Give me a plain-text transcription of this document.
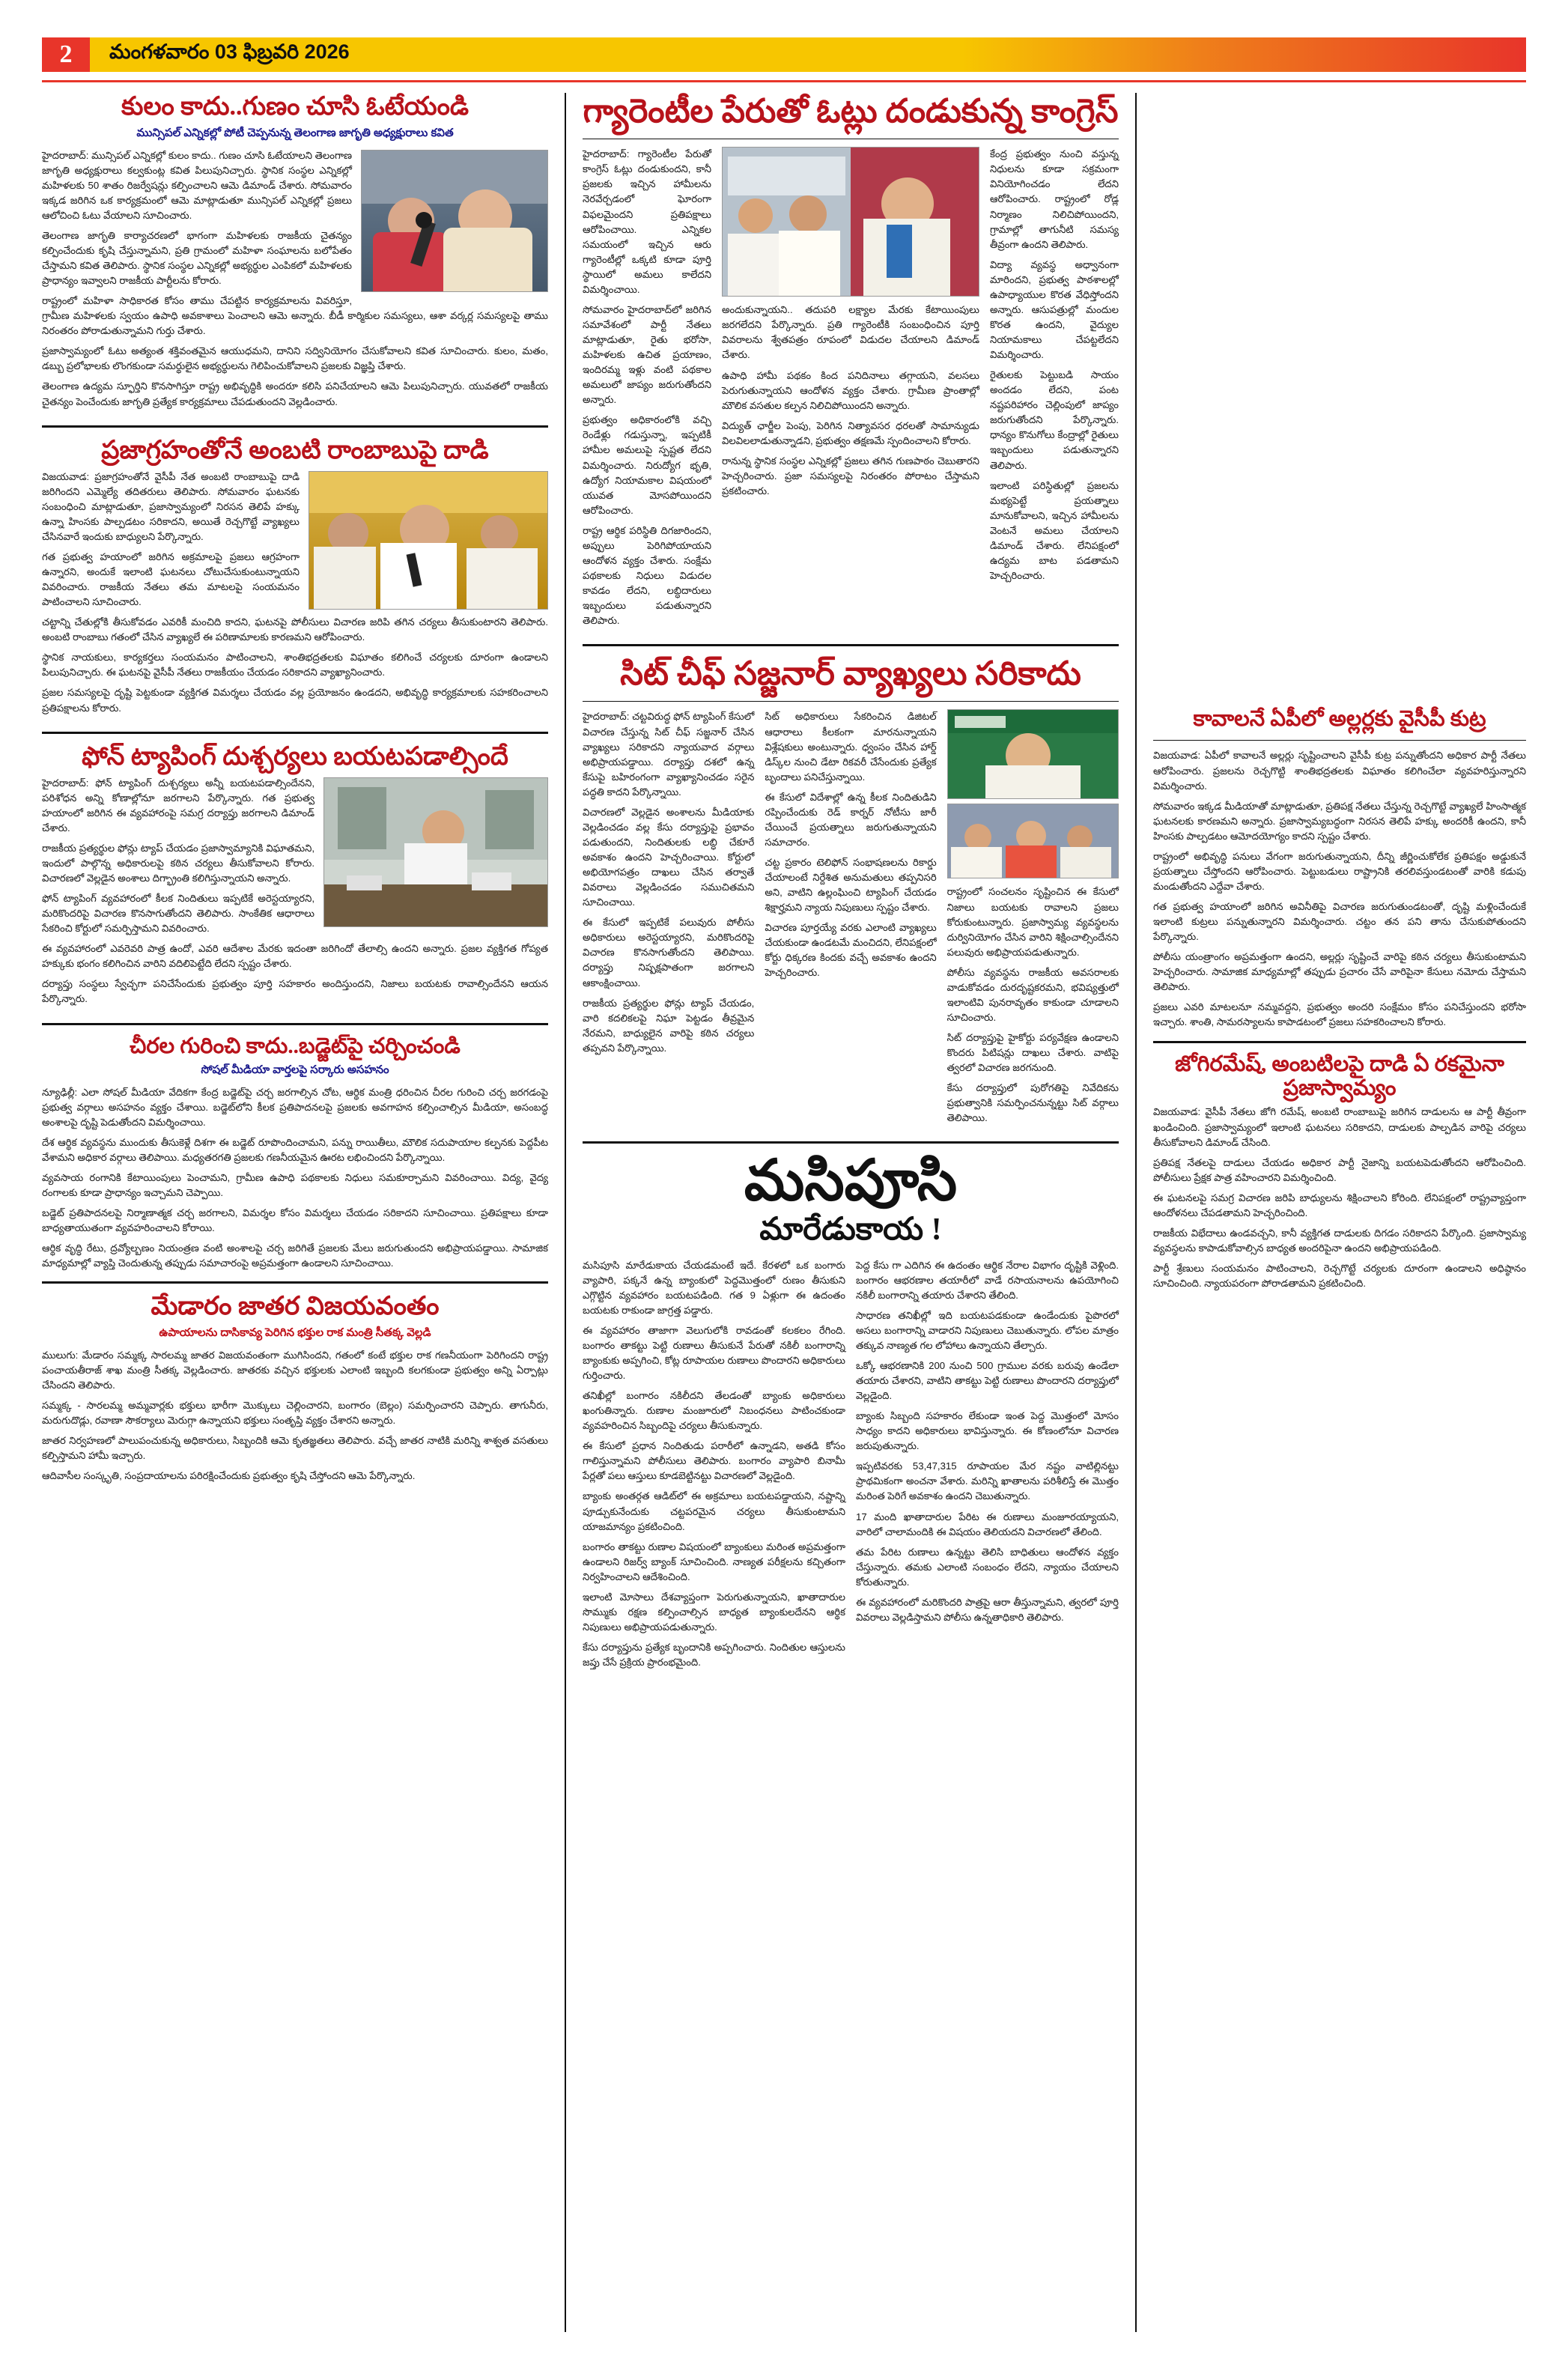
2	మంగళవారం 03 ఫిబ్రవరి 2026
కులం కాదు..గుణం చూసి ఓటేయండి

మున్సిపల్ ఎన్నికల్లో పోటీ చెప్పనున్న తెలంగాణ జాగృతి అధ్యక్షురాలు కవిత

హైదరాబాద్: మున్సిపల్ ఎన్నికల్లో కులం కాదు.. గుణం చూసి ఓటేయాలని తెలంగాణ జాగృతి అధ్యక్షురాలు కల్వకుంట్ల కవిత పిలుపునిచ్చారు. స్థానిక సంస్థల ఎన్నికల్లో మహిళలకు 50 శాతం రిజర్వేషన్లు కల్పించాలని ఆమె డిమాండ్ చేశారు. సోమవారం ఇక్కడ జరిగిన ఒక కార్యక్రమంలో ఆమె మాట్లాడుతూ మున్సిపల్ ఎన్నికల్లో ప్రజలు ఆలోచించి ఓటు వేయాలని సూచించారు.

తెలంగాణ జాగృతి కార్యాచరణలో భాగంగా మహిళలకు రాజకీయ చైతన్యం కల్పించేందుకు కృషి చేస్తున్నామని, ప్రతి గ్రామంలో మహిళా సంఘాలను బలోపేతం చేస్తామని కవిత తెలిపారు. స్థానిక సంస్థల ఎన్నికల్లో అభ్యర్థుల ఎంపికలో మహిళలకు ప్రాధాన్యం ఇవ్వాలని రాజకీయ పార్టీలను కోరారు.

రాష్ట్రంలో మహిళా సాధికారత కోసం తాము చేపట్టిన కార్యక్రమాలను వివరిస్తూ, గ్రామీణ మహిళలకు స్వయం ఉపాధి అవకాశాలు పెంచాలని ఆమె అన్నారు. బీడీ కార్మికుల సమస్యలు, ఆశా వర్కర్ల సమస్యలపై తాము నిరంతరం పోరాడుతున్నామని గుర్తు చేశారు.

ప్రజాస్వామ్యంలో ఓటు అత్యంత శక్తివంతమైన ఆయుధమని, దానిని సద్వినియోగం చేసుకోవాలని కవిత సూచించారు. కులం, మతం, డబ్బు ప్రలోభాలకు లొంగకుండా సమర్థులైన అభ్యర్థులను గెలిపించుకోవాలని ప్రజలకు విజ్ఞప్తి చేశారు.

తెలంగాణ ఉద్యమ స్ఫూర్తిని కొనసాగిస్తూ రాష్ట్ర అభివృద్ధికి అందరూ కలిసి పనిచేయాలని ఆమె పిలుపునిచ్చారు. యువతలో రాజకీయ చైతన్యం పెంచేందుకు జాగృతి ప్రత్యేక కార్యక్రమాలు చేపడుతుందని వెల్లడించారు.

ప్రజాగ్రహంతోనే అంబటి రాంబాబుపై దాడి

విజయవాడ: ప్రజాగ్రహంతోనే వైసీపీ నేత అంబటి రాంబాబుపై దాడి జరిగిందని ఎమ్మెల్యే తదితరులు తెలిపారు. సోమవారం ఘటనకు సంబంధించి మాట్లాడుతూ, ప్రజాస్వామ్యంలో నిరసన తెలిపే హక్కు ఉన్నా హింసకు పాల్పడటం సరికాదని, అయితే రెచ్చగొట్టే వ్యాఖ్యలు చేసినవారే ఇందుకు బాధ్యులని పేర్కొన్నారు.

గత ప్రభుత్వ హయాంలో జరిగిన అక్రమాలపై ప్రజలు ఆగ్రహంగా ఉన్నారని, అందుకే ఇలాంటి ఘటనలు చోటుచేసుకుంటున్నాయని వివరించారు. రాజకీయ నేతలు తమ మాటలపై సంయమనం పాటించాలని సూచించారు.

చట్టాన్ని చేతుల్లోకి తీసుకోవడం ఎవరికీ మంచిది కాదని, ఘటనపై పోలీసులు విచారణ జరిపి తగిన చర్యలు తీసుకుంటారని తెలిపారు. అంబటి రాంబాబు గతంలో చేసిన వ్యాఖ్యలే ఈ పరిణామాలకు కారణమని ఆరోపించారు.

స్థానిక నాయకులు, కార్యకర్తలు సంయమనం పాటించాలని, శాంతిభద్రతలకు విఘాతం కలిగించే చర్యలకు దూరంగా ఉండాలని పిలుపునిచ్చారు. ఈ ఘటనపై వైసీపీ నేతలు రాజకీయం చేయడం సరికాదని వ్యాఖ్యానించారు.

ప్రజల సమస్యలపై దృష్టి పెట్టకుండా వ్యక్తిగత విమర్శలు చేయడం వల్ల ప్రయోజనం ఉండదని, అభివృద్ధి కార్యక్రమాలకు సహకరించాలని ప్రతిపక్షాలను కోరారు.

ఫోన్ ట్యాపింగ్ దుశ్చర్యలు బయటపడాల్సిందే

హైదరాబాద్: ఫోన్ ట్యాపింగ్ దుశ్చర్యలు అన్నీ బయటపడాల్సిందేనని, పరిశోధన అన్ని కోణాల్లోనూ జరగాలని పేర్కొన్నారు. గత ప్రభుత్వ హయాంలో జరిగిన ఈ వ్యవహారంపై సమగ్ర దర్యాప్తు జరగాలని డిమాండ్ చేశారు.

రాజకీయ ప్రత్యర్థుల ఫోన్లు ట్యాప్ చేయడం ప్రజాస్వామ్యానికి విఘాతమని, ఇందులో పాల్గొన్న అధికారులపై కఠిన చర్యలు తీసుకోవాలని కోరారు. విచారణలో వెల్లడైన అంశాలు దిగ్భ్రాంతి కలిగిస్తున్నాయని అన్నారు.

ఫోన్ ట్యాపింగ్ వ్యవహారంలో కీలక నిందితులు ఇప్పటికే అరెస్టయ్యారని, మరికొందరిపై విచారణ కొనసాగుతోందని తెలిపారు. సాంకేతిక ఆధారాలు సేకరించి కోర్టులో సమర్పిస్తామని వివరించారు.

ఈ వ్యవహారంలో ఎవరెవరి పాత్ర ఉందో, ఎవరి ఆదేశాల మేరకు ఇదంతా జరిగిందో తేలాల్సి ఉందని అన్నారు. ప్రజల వ్యక్తిగత గోప్యత హక్కుకు భంగం కలిగించిన వారిని వదిలిపెట్టేది లేదని స్పష్టం చేశారు.

దర్యాప్తు సంస్థలు స్వేచ్ఛగా పనిచేసేందుకు ప్రభుత్వం పూర్తి సహకారం అందిస్తుందని, నిజాలు బయటకు రావాల్సిందేనని ఆయన పేర్కొన్నారు.

చీరల గురించి కాదు..బడ్జెట్‌పై చర్చించండి

సోషల్ మీడియా వార్తలపై సర్కారు అసహనం

న్యూఢిల్లీ: ఎలా సోషల్ మీడియా వేదికగా కేంద్ర బడ్జెట్‌పై చర్చ జరగాల్సిన చోట, ఆర్థిక మంత్రి ధరించిన చీరల గురించి చర్చ జరగడంపై ప్రభుత్వ వర్గాలు అసహనం వ్యక్తం చేశాయి. బడ్జెట్‌లోని కీలక ప్రతిపాదనలపై ప్రజలకు అవగాహన కల్పించాల్సిన మీడియా, అసంబద్ధ అంశాలపై దృష్టి పెడుతోందని విమర్శించాయి.

దేశ ఆర్థిక వ్యవస్థను ముందుకు తీసుకెళ్లే దిశగా ఈ బడ్జెట్ రూపొందించామని, పన్ను రాయితీలు, మౌలిక సదుపాయాల కల్పనకు పెద్దపీట వేశామని అధికార వర్గాలు తెలిపాయి. మధ్యతరగతి ప్రజలకు గణనీయమైన ఊరట లభించిందని పేర్కొన్నాయి.

వ్యవసాయ రంగానికి కేటాయింపులు పెంచామని, గ్రామీణ ఉపాధి పథకాలకు నిధులు సమకూర్చామని వివరించాయి. విద్య, వైద్య రంగాలకు కూడా ప్రాధాన్యం ఇచ్చామని చెప్పాయి.

బడ్జెట్ ప్రతిపాదనలపై నిర్మాణాత్మక చర్చ జరగాలని, విమర్శల కోసం విమర్శలు చేయడం సరికాదని సూచించాయి. ప్రతిపక్షాలు కూడా బాధ్యతాయుతంగా వ్యవహరించాలని కోరాయి.

ఆర్థిక వృద్ధి రేటు, ద్రవ్యోల్బణం నియంత్రణ వంటి అంశాలపై చర్చ జరిగితే ప్రజలకు మేలు జరుగుతుందని అభిప్రాయపడ్డాయి. సామాజిక మాధ్యమాల్లో వ్యాప్తి చెందుతున్న తప్పుడు సమాచారంపై అప్రమత్తంగా ఉండాలని సూచించాయి.

మేడారం జాతర విజయవంతం

ఉపాయాలను దాసికావ్య పెరిగిన భక్తుల రాక మంత్రి సీతక్క వెల్లడి

ములుగు: మేడారం సమ్మక్క సారలమ్మ జాతర విజయవంతంగా ముగిసిందని, గతంలో కంటే భక్తుల రాక గణనీయంగా పెరిగిందని రాష్ట్ర పంచాయతీరాజ్ శాఖ మంత్రి సీతక్క వెల్లడించారు. జాతరకు వచ్చిన భక్తులకు ఎలాంటి ఇబ్బంది కలగకుండా ప్రభుత్వం అన్ని ఏర్పాట్లు చేసిందని తెలిపారు.

సమ్మక్క - సారలమ్మ అమ్మవార్లకు భక్తులు భారీగా మొక్కులు చెల్లించారని, బంగారం (బెల్లం) సమర్పించారని చెప్పారు. తాగునీరు, మరుగుదొడ్లు, రవాణా సౌకర్యాలు మెరుగ్గా ఉన్నాయని భక్తులు సంతృప్తి వ్యక్తం చేశారని అన్నారు.

జాతర నిర్వహణలో పాలుపంచుకున్న అధికారులు, సిబ్బందికి ఆమె కృతజ్ఞతలు తెలిపారు. వచ్చే జాతర నాటికి మరిన్ని శాశ్వత వసతులు కల్పిస్తామని హామీ ఇచ్చారు.

ఆదివాసీల సంస్కృతి, సంప్రదాయాలను పరిరక్షించేందుకు ప్రభుత్వం కృషి చేస్తోందని ఆమె పేర్కొన్నారు.

గ్యారెంటీల పేరుతో ఓట్లు దండుకున్న కాంగ్రెస్

హైదరాబాద్: గ్యారెంటీల పేరుతో కాంగ్రెస్ ఓట్లు దండుకుందని, కానీ ప్రజలకు ఇచ్చిన హామీలను నెరవేర్చడంలో ఘోరంగా విఫలమైందని ప్రతిపక్షాలు ఆరోపించాయి. ఎన్నికల సమయంలో ఇచ్చిన ఆరు గ్యారెంటీల్లో ఒక్కటి కూడా పూర్తి స్థాయిలో అమలు కాలేదని విమర్శించాయి.

సోమవారం హైదరాబాద్‌లో జరిగిన సమావేశంలో పార్టీ నేతలు మాట్లాడుతూ, రైతు భరోసా, మహిళలకు ఉచిత ప్రయాణం, ఇందిరమ్మ ఇళ్లు వంటి పథకాల అమలులో జాప్యం జరుగుతోందని అన్నారు.

ప్రభుత్వం అధికారంలోకి వచ్చి రెండేళ్లు గడుస్తున్నా, ఇప్పటికీ హామీల అమలుపై స్పష్టత లేదని విమర్శించారు. నిరుద్యోగ భృతి, ఉద్యోగ నియామకాల విషయంలో యువత మోసపోయిందని ఆరోపించారు.

రాష్ట్ర ఆర్థిక పరిస్థితి దిగజారిందని, అప్పులు పెరిగిపోయాయని ఆందోళన వ్యక్తం చేశారు. సంక్షేమ పథకాలకు నిధులు విడుదల కావడం లేదని, లబ్ధిదారులు ఇబ్బందులు పడుతున్నారని తెలిపారు.

అందుకున్నాయని.. తదుపరి లక్ష్యాల మేరకు కేటాయింపులు జరగలేదని పేర్కొన్నారు. ప్రతి గ్యారెంటీకి సంబంధించిన పూర్తి వివరాలను శ్వేతపత్రం రూపంలో విడుదల చేయాలని డిమాండ్ చేశారు.

ఉపాధి హామీ పథకం కింద పనిదినాలు తగ్గాయని, వలసలు పెరుగుతున్నాయని ఆందోళన వ్యక్తం చేశారు. గ్రామీణ ప్రాంతాల్లో మౌలిక వసతుల కల్పన నిలిచిపోయిందని అన్నారు.

విద్యుత్ ఛార్జీల పెంపు, పెరిగిన నిత్యావసర ధరలతో సామాన్యుడు విలవిలలాడుతున్నాడని, ప్రభుత్వం తక్షణమే స్పందించాలని కోరారు.

రానున్న స్థానిక సంస్థల ఎన్నికల్లో ప్రజలు తగిన గుణపాఠం చెబుతారని హెచ్చరించారు. ప్రజా సమస్యలపై నిరంతరం పోరాటం చేస్తామని ప్రకటించారు.

కేంద్ర ప్రభుత్వం నుంచి వస్తున్న నిధులను కూడా సక్రమంగా వినియోగించడం లేదని ఆరోపించారు. రాష్ట్రంలో రోడ్ల నిర్మాణం నిలిచిపోయిందని, గ్రామాల్లో తాగునీటి సమస్య తీవ్రంగా ఉందని తెలిపారు.

విద్యా వ్యవస్థ అధ్వానంగా మారిందని, ప్రభుత్వ పాఠశాలల్లో ఉపాధ్యాయుల కొరత వేధిస్తోందని అన్నారు. ఆసుపత్రుల్లో మందుల కొరత ఉందని, వైద్యుల నియామకాలు చేపట్టలేదని విమర్శించారు.

రైతులకు పెట్టుబడి సాయం అందడం లేదని, పంట నష్టపరిహారం చెల్లింపులో జాప్యం జరుగుతోందని పేర్కొన్నారు. ధాన్యం కొనుగోలు కేంద్రాల్లో రైతులు ఇబ్బందులు పడుతున్నారని తెలిపారు.

ఇలాంటి పరిస్థితుల్లో ప్రజలను మభ్యపెట్టే ప్రయత్నాలు మానుకోవాలని, ఇచ్చిన హామీలను వెంటనే అమలు చేయాలని డిమాండ్ చేశారు. లేనిపక్షంలో ఉద్యమ బాట పడతామని హెచ్చరించారు.

సిట్ చీఫ్ సజ్జనార్ వ్యాఖ్యలు సరికాదు

హైదరాబాద్: చట్టవిరుద్ధ ఫోన్ ట్యాపింగ్ కేసులో విచారణ చేస్తున్న సిట్ చీఫ్ సజ్జనార్ చేసిన వ్యాఖ్యలు సరికాదని న్యాయవాద వర్గాలు అభిప్రాయపడ్డాయి. దర్యాప్తు దశలో ఉన్న కేసుపై బహిరంగంగా వ్యాఖ్యానించడం సరైన పద్ధతి కాదని పేర్కొన్నాయి.

విచారణలో వెల్లడైన అంశాలను మీడియాకు వెల్లడించడం వల్ల కేసు దర్యాప్తుపై ప్రభావం పడుతుందని, నిందితులకు లబ్ధి చేకూరే అవకాశం ఉందని హెచ్చరించాయి. కోర్టులో అభియోగపత్రం దాఖలు చేసిన తర్వాతే వివరాలు వెల్లడించడం సముచితమని సూచించాయి.

ఈ కేసులో ఇప్పటికే పలువురు పోలీసు అధికారులు అరెస్టయ్యారని, మరికొందరిపై విచారణ కొనసాగుతోందని తెలిపాయి. దర్యాప్తు నిష్పక్షపాతంగా జరగాలని ఆకాంక్షించాయి.

రాజకీయ ప్రత్యర్థుల ఫోన్లు ట్యాప్ చేయడం, వారి కదలికలపై నిఘా పెట్టడం తీవ్రమైన నేరమని, బాధ్యులైన వారిపై కఠిన చర్యలు తప్పవని పేర్కొన్నాయి.

సిట్ అధికారులు సేకరించిన డిజిటల్ ఆధారాలు కీలకంగా మారనున్నాయని విశ్లేషకులు అంటున్నారు. ధ్వంసం చేసిన హార్డ్ డిస్క్‌ల నుంచి డేటా రికవరీ చేసేందుకు ప్రత్యేక బృందాలు పనిచేస్తున్నాయి.

ఈ కేసులో విదేశాల్లో ఉన్న కీలక నిందితుడిని రప్పించేందుకు రెడ్ కార్నర్ నోటీసు జారీ చేయించే ప్రయత్నాలు జరుగుతున్నాయని సమాచారం.

చట్ట ప్రకారం టెలిఫోన్ సంభాషణలను రికార్డు చేయాలంటే నిర్దేశిత అనుమతులు తప్పనిసరి అని, వాటిని ఉల్లంఘించి ట్యాపింగ్ చేయడం శిక్షార్హమని న్యాయ నిపుణులు స్పష్టం చేశారు.

విచారణ పూర్తయ్యే వరకు ఎలాంటి వ్యాఖ్యలు చేయకుండా ఉండటమే మంచిదని, లేనిపక్షంలో కోర్టు ధిక్కరణ కిందకు వచ్చే అవకాశం ఉందని హెచ్చరించారు.

రాష్ట్రంలో సంచలనం సృష్టించిన ఈ కేసులో నిజాలు బయటకు రావాలని ప్రజలు కోరుకుంటున్నారు. ప్రజాస్వామ్య వ్యవస్థలను దుర్వినియోగం చేసిన వారిని శిక్షించాల్సిందేనని పలువురు అభిప్రాయపడుతున్నారు.

పోలీసు వ్యవస్థను రాజకీయ అవసరాలకు వాడుకోవడం దురదృష్టకరమని, భవిష్యత్తులో ఇలాంటివి పునరావృతం కాకుండా చూడాలని సూచించారు.

సిట్ దర్యాప్తుపై హైకోర్టు పర్యవేక్షణ ఉండాలని కొందరు పిటిషన్లు దాఖలు చేశారు. వాటిపై త్వరలో విచారణ జరగనుంది.

కేసు దర్యాప్తులో పురోగతిపై నివేదికను ప్రభుత్వానికి సమర్పించనున్నట్టు సిట్ వర్గాలు తెలిపాయి.

మసిపూసి
మారేడుకాయ !

మసిపూసి మారేడుకాయ చేయడమంటే ఇదే. కేరళలో ఒక బంగారు వ్యాపారి, పక్కనే ఉన్న బ్యాంకులో పెద్దమొత్తంలో రుణం తీసుకుని ఎగ్గొట్టిన వ్యవహారం బయటపడింది. గత 9 ఏళ్లుగా ఈ ఉదంతం బయటకు రాకుండా జాగ్రత్త పడ్డారు.

ఈ వ్యవహారం తాజాగా వెలుగులోకి రావడంతో కలకలం రేగింది. బంగారం తాకట్టు పెట్టి రుణాలు తీసుకునే పేరుతో నకిలీ బంగారాన్ని బ్యాంకుకు అప్పగించి, కోట్ల రూపాయల రుణాలు పొందారని అధికారులు గుర్తించారు.

తనిఖీల్లో బంగారం నకిలీదని తేలడంతో బ్యాంకు అధికారులు ఖంగుతిన్నారు. రుణాల మంజూరులో నిబంధనలు పాటించకుండా వ్యవహరించిన సిబ్బందిపై చర్యలు తీసుకున్నారు.

ఈ కేసులో ప్రధాన నిందితుడు పరారీలో ఉన్నాడని, అతడి కోసం గాలిస్తున్నామని పోలీసులు తెలిపారు. బంగారం వ్యాపారి బినామీ పేర్లతో పలు ఆస్తులు కూడబెట్టినట్టు విచారణలో వెల్లడైంది.

బ్యాంకు అంతర్గత ఆడిట్‌లో ఈ అక్రమాలు బయటపడ్డాయని, నష్టాన్ని పూడ్చుకునేందుకు చట్టపరమైన చర్యలు తీసుకుంటామని యాజమాన్యం ప్రకటించింది.

బంగారం తాకట్టు రుణాల విషయంలో బ్యాంకులు మరింత అప్రమత్తంగా ఉండాలని రిజర్వ్ బ్యాంక్ సూచించింది. నాణ్యత పరీక్షలను కచ్చితంగా నిర్వహించాలని ఆదేశించింది.

ఇలాంటి మోసాలు దేశవ్యాప్తంగా పెరుగుతున్నాయని, ఖాతాదారుల సొమ్ముకు రక్షణ కల్పించాల్సిన బాధ్యత బ్యాంకులదేనని ఆర్థిక నిపుణులు అభిప్రాయపడుతున్నారు.

కేసు దర్యాప్తును ప్రత్యేక బృందానికి అప్పగించారు. నిందితుల ఆస్తులను జప్తు చేసే ప్రక్రియ ప్రారంభమైంది.

పెద్ద కేసు గా ఎదిగిన ఈ ఉదంతం ఆర్థిక నేరాల విభాగం దృష్టికి వెళ్లింది. బంగారం ఆభరణాల తయారీలో వాడే రసాయనాలను ఉపయోగించి నకిలీ బంగారాన్ని తయారు చేశారని తేలింది.

సాధారణ తనిఖీల్లో ఇది బయటపడకుండా ఉండేందుకు పైపొరలో అసలు బంగారాన్ని వాడారని నిపుణులు చెబుతున్నారు. లోపల మాత్రం తక్కువ నాణ్యత గల లోహాలు ఉన్నాయని తేల్చారు.

ఒక్కో ఆభరణానికి 200 నుంచి 500 గ్రాముల వరకు బరువు ఉండేలా తయారు చేశారని, వాటిని తాకట్టు పెట్టి రుణాలు పొందారని దర్యాప్తులో వెల్లడైంది.

బ్యాంకు సిబ్బంది సహకారం లేకుండా ఇంత పెద్ద మొత్తంలో మోసం సాధ్యం కాదని అధికారులు భావిస్తున్నారు. ఈ కోణంలోనూ విచారణ జరుపుతున్నారు.

ఇప్పటివరకు 53,47,315 రూపాయల మేర నష్టం వాటిల్లినట్టు ప్రాథమికంగా అంచనా వేశారు. మరిన్ని ఖాతాలను పరిశీలిస్తే ఈ మొత్తం మరింత పెరిగే అవకాశం ఉందని చెబుతున్నారు.

17 మంది ఖాతాదారుల పేరిట ఈ రుణాలు మంజూరయ్యాయని, వారిలో చాలామందికి ఈ విషయం తెలియదని విచారణలో తేలింది.

తమ పేరిట రుణాలు ఉన్నట్టు తెలిసి బాధితులు ఆందోళన వ్యక్తం చేస్తున్నారు. తమకు ఎలాంటి సంబంధం లేదని, న్యాయం చేయాలని కోరుతున్నారు.

ఈ వ్యవహారంలో మరికొందరి పాత్రపై ఆరా తీస్తున్నామని, త్వరలో పూర్తి వివరాలు వెల్లడిస్తామని పోలీసు ఉన్నతాధికారి తెలిపారు.

కావాలనే ఏపీలో అల్లర్లకు వైసీపీ కుట్ర

విజయవాడ: ఏపీలో కావాలనే అల్లర్లు సృష్టించాలని వైసీపీ కుట్ర పన్నుతోందని అధికార పార్టీ నేతలు ఆరోపించారు. ప్రజలను రెచ్చగొట్టి శాంతిభద్రతలకు విఘాతం కలిగించేలా వ్యవహరిస్తున్నారని విమర్శించారు.

సోమవారం ఇక్కడ మీడియాతో మాట్లాడుతూ, ప్రతిపక్ష నేతలు చేస్తున్న రెచ్చగొట్టే వ్యాఖ్యలే హింసాత్మక ఘటనలకు కారణమని అన్నారు. ప్రజాస్వామ్యబద్ధంగా నిరసన తెలిపే హక్కు అందరికీ ఉందని, కానీ హింసకు పాల్పడటం ఆమోదయోగ్యం కాదని స్పష్టం చేశారు.

రాష్ట్రంలో అభివృద్ధి పనులు వేగంగా జరుగుతున్నాయని, దీన్ని జీర్ణించుకోలేక ప్రతిపక్షం అడ్డుకునే ప్రయత్నాలు చేస్తోందని ఆరోపించారు. పెట్టుబడులు రాష్ట్రానికి తరలివస్తుండటంతో వారికి కడుపు మండుతోందని ఎద్దేవా చేశారు.

గత ప్రభుత్వ హయాంలో జరిగిన అవినీతిపై విచారణ జరుగుతుండటంతో, దృష్టి మళ్లించేందుకే ఇలాంటి కుట్రలు పన్నుతున్నారని విమర్శించారు. చట్టం తన పని తాను చేసుకుపోతుందని పేర్కొన్నారు.

పోలీసు యంత్రాంగం అప్రమత్తంగా ఉందని, అల్లర్లు సృష్టించే వారిపై కఠిన చర్యలు తీసుకుంటామని హెచ్చరించారు. సామాజిక మాధ్యమాల్లో తప్పుడు ప్రచారం చేసే వారిపైనా కేసులు నమోదు చేస్తామని తెలిపారు.

ప్రజలు ఎవరి మాటలనూ నమ్మవద్దని, ప్రభుత్వం అందరి సంక్షేమం కోసం పనిచేస్తుందని భరోసా ఇచ్చారు. శాంతి, సామరస్యాలను కాపాడటంలో ప్రజలు సహకరించాలని కోరారు.

జోగిరమేష్, అంబటిలపై దాడి ఏ రకమైనా ప్రజాస్వామ్యం

విజయవాడ: వైసీపీ నేతలు జోగి రమేష్, అంబటి రాంబాబుపై జరిగిన దాడులను ఆ పార్టీ తీవ్రంగా ఖండించింది. ప్రజాస్వామ్యంలో ఇలాంటి ఘటనలు సరికాదని, దాడులకు పాల్పడిన వారిపై చర్యలు తీసుకోవాలని డిమాండ్ చేసింది.

ప్రతిపక్ష నేతలపై దాడులు చేయడం అధికార పార్టీ నైజాన్ని బయటపెడుతోందని ఆరోపించింది. పోలీసులు ప్రేక్షక పాత్ర వహించారని విమర్శించింది.

ఈ ఘటనలపై సమగ్ర విచారణ జరిపి బాధ్యులను శిక్షించాలని కోరింది. లేనిపక్షంలో రాష్ట్రవ్యాప్తంగా ఆందోళనలు చేపడతామని హెచ్చరించింది.

రాజకీయ విభేదాలు ఉండవచ్చని, కానీ వ్యక్తిగత దాడులకు దిగడం సరికాదని పేర్కొంది. ప్రజాస్వామ్య వ్యవస్థలను కాపాడుకోవాల్సిన బాధ్యత అందరిపైనా ఉందని అభిప్రాయపడింది.

పార్టీ శ్రేణులు సంయమనం పాటించాలని, రెచ్చగొట్టే చర్యలకు దూరంగా ఉండాలని అధిష్ఠానం సూచించింది. న్యాయపరంగా పోరాడతామని ప్రకటించింది.
